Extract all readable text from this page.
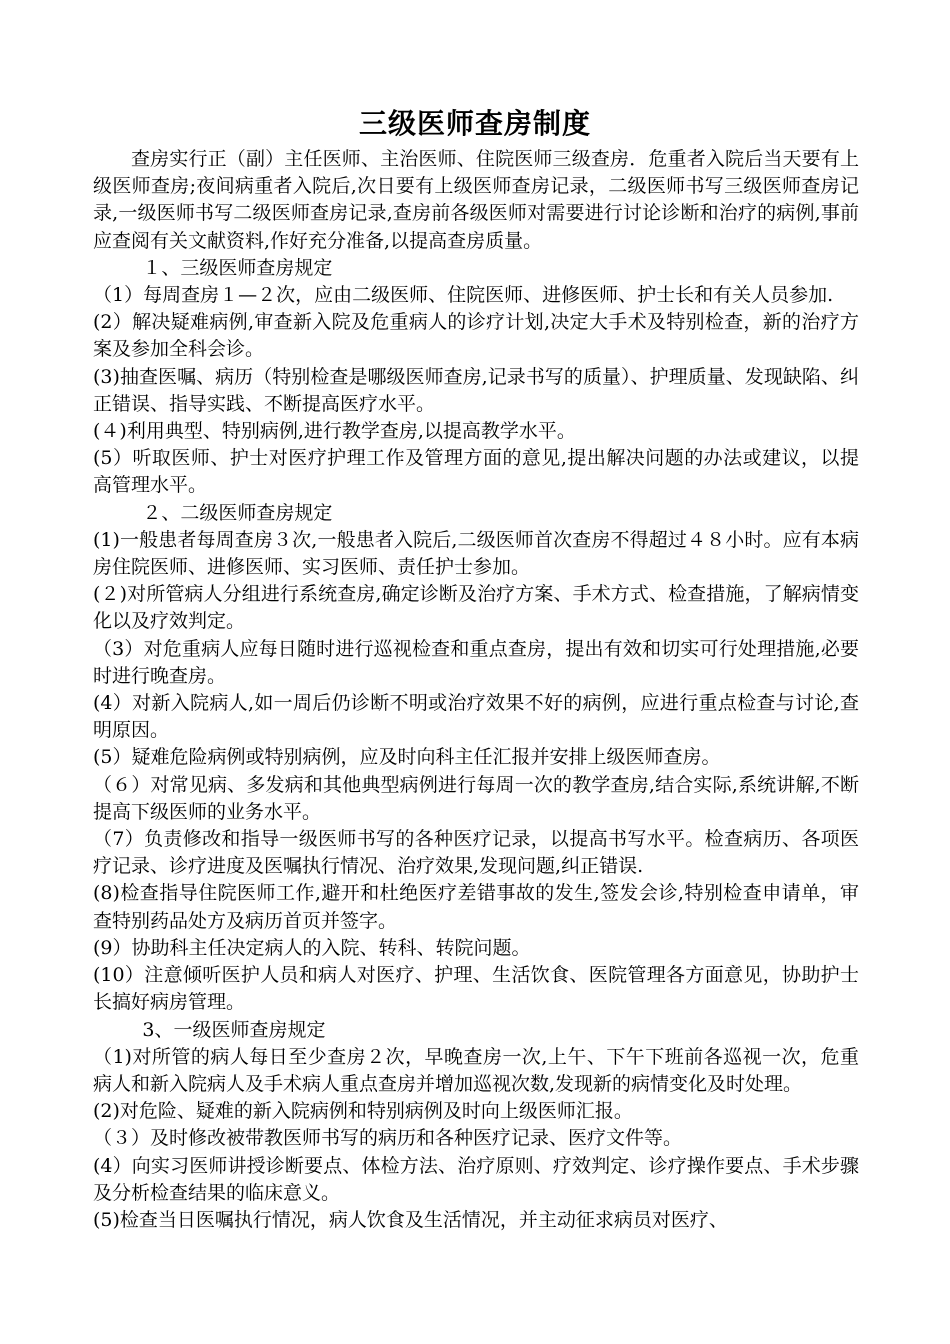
三级医师查房制度

查房实行正（副）主任医师、主治医师、住院医师三级查房．危重者入院后当天要有上级医师查房;夜间病重者入院后,次日要有上级医师查房记录，二级医师书写三级医师查房记录,一级医师书写二级医师查房记录,查房前各级医师对需要进行讨论诊断和治疗的病例,事前应查阅有关文献资料,作好充分准备,以提高查房质量。

１、三级医师查房规定

（1）每周查房１—２次，应由二级医师、住院医师、进修医师、护士长和有关人员参加.

(2）解决疑难病例,审查新入院及危重病人的诊疗计划,决定大手术及特别检查，新的治疗方案及参加全科会诊。

(3)抽查医嘱、病历（特别检查是哪级医师查房,记录书写的质量）、护理质量、发现缺陷、纠正错误、指导实践、不断提高医疗水平。

(４)利用典型、特别病例,进行教学查房,以提高教学水平。

(5）听取医师、护士对医疗护理工作及管理方面的意见,提出解决问题的办法或建议，以提高管理水平。

２、二级医师查房规定

(1)一般患者每周查房３次,一般患者入院后,二级医师首次查房不得超过４８小时。应有本病房住院医师、进修医师、实习医师、责任护士参加。

(２)对所管病人分组进行系统查房,确定诊断及治疗方案、手术方式、检查措施，了解病情变化以及疗效判定。

（3）对危重病人应每日随时进行巡视检查和重点查房，提出有效和切实可行处理措施,必要时进行晚查房。

(4）对新入院病人,如一周后仍诊断不明或治疗效果不好的病例，应进行重点检查与讨论,查明原因。

(5）疑难危险病例或特别病例，应及时向科主任汇报并安排上级医师查房。

（６）对常见病、多发病和其他典型病例进行每周一次的教学查房,结合实际,系统讲解,不断提高下级医师的业务水平。

（7）负责修改和指导一级医师书写的各种医疗记录，以提高书写水平。检查病历、各项医疗记录、诊疗进度及医嘱执行情况、治疗效果,发现问题,纠正错误.

(8)检查指导住院医师工作,避开和杜绝医疗差错事故的发生,签发会诊,特别检查申请单，审查特别药品处方及病历首页并签字。

(9）协助科主任决定病人的入院、转科、转院问题。

(10）注意倾听医护人员和病人对医疗、护理、生活饮食、医院管理各方面意见，协助护士长搞好病房管理。

3、一级医师查房规定

（1)对所管的病人每日至少查房２次，早晚查房一次,上午、下午下班前各巡视一次，危重病人和新入院病人及手术病人重点查房并增加巡视次数,发现新的病情变化及时处理。

(2)对危险、疑难的新入院病例和特别病例及时向上级医师汇报。

（３）及时修改被带教医师书写的病历和各种医疗记录、医疗文件等。

(4）向实习医师讲授诊断要点、体检方法、治疗原则、疗效判定、诊疗操作要点、手术步骤及分析检查结果的临床意义。

(5)检查当日医嘱执行情况，病人饮食及生活情况，并主动征求病员对医疗、
